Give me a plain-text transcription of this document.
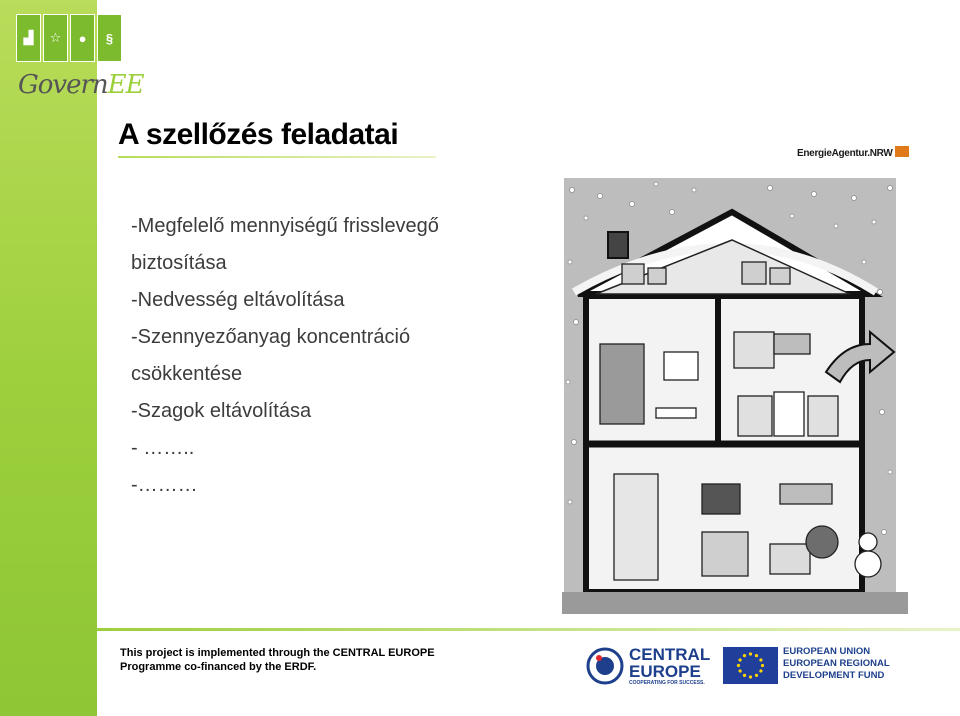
▟	☆	●	§
GovernEE
A szellőzés feladatai
EnergieAgentur.NRW
-Megfelelő mennyiségű frisslevegő
biztosítása
-Nedvesség eltávolítása
-Szennyezőanyag koncentráció
csökkentése
-Szagok eltávolítása
- ……..
-………
This project is implemented through the CENTRAL EUROPE
Programme co-financed by the ERDF.
CENTRAL
EUROPE
COOPERATING FOR SUCCESS.
EUROPEAN UNION
EUROPEAN REGIONAL
DEVELOPMENT FUND
